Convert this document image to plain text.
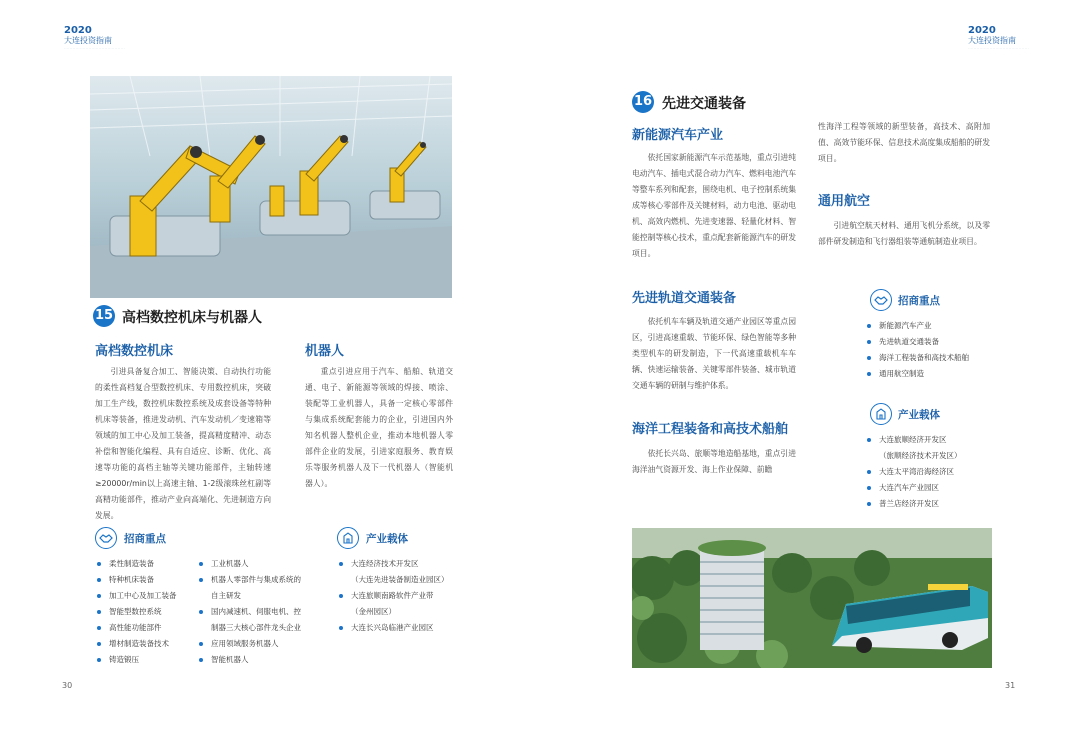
2020
大连投资指南
··········································
2020
大连投资指南
··········································
15 高档数控机床与机器人
高档数控机床
引进具备复合加工、智能决策、自动执行功能的柔性高档复合型数控机床、专用数控机床，突破加工生产线，数控机床数控系统及成套设备等特种机床等装备，推进发动机、汽车发动机／变速箱等领域的加工中心及加工装备，提高精度精冲、动态补偿和智能化编程、具有自适应、诊断、优化、高速等功能的高档主轴等关键功能部件，主轴转速≥20000r/min以上高速主轴、1-2级滚珠丝杠副等高精功能部件，推动产业向高端化、先进制造方向发展。
机器人
重点引进应用于汽车、船舶、轨道交通、电子、新能源等领域的焊接、喷涂、装配等工业机器人，具备一定核心零部件与集成系统配套能力的企业，引进国内外知名机器人整机企业，推动本地机器人零部件企业的发展，引进家庭服务、教育娱乐等服务机器人及下一代机器人（智能机器人）。
招商重点
柔性制造装备
特种机床装备
加工中心及加工装备
智能型数控系统
高性能功能部件
增材制造装备技术
铸造锻压
工业机器人
机器人零部件与集成系统的
自主研发
国内减速机、伺服电机、控
制器三大核心部件龙头企业
应用领域服务机器人
智能机器人
产业载体
大连经济技术开发区
（大连先进装备制造业园区）
大连旅顺南路软件产业带
（金州园区）
大连长兴岛临港产业园区
30
16 先进交通装备
新能源汽车产业
依托国家新能源汽车示范基地，重点引进纯电动汽车、插电式混合动力汽车、燃料电池汽车等整车系列和配套，围绕电机、电子控制系统集成等核心零部件及关键材料，动力电池、驱动电机、高效内燃机、先进变速器、轻量化材料、智能控制等核心技术，重点配套新能源汽车的研发项目。
性海洋工程等领域的新型装备，高技术、高附加值、高效节能环保、信息技术高度集成船舶的研发项目。
通用航空
引进航空航天材料、通用飞机分系统，以及零部件研发制造和飞行器组装等通航制造业项目。
先进轨道交通装备
依托机车车辆及轨道交通产业园区等重点园区，引进高速重载、节能环保、绿色智能等多种类型机车的研发制造，下一代高速重载机车车辆、快速运输装备、关键零部件装备、城市轨道交通车辆的研制与维护体系。
海洋工程装备和高技术船舶
依托长兴岛、旅顺等地造船基地，重点引进海洋油气资源开发、海上作业保障、前瞻
招商重点
新能源汽车产业
先进轨道交通装备
海洋工程装备和高技术船舶
通用航空制造
产业载体
大连旅顺经济开发区
（旅顺经济技术开发区）
大连太平湾沿海经济区
大连汽车产业园区
普兰店经济开发区
31
